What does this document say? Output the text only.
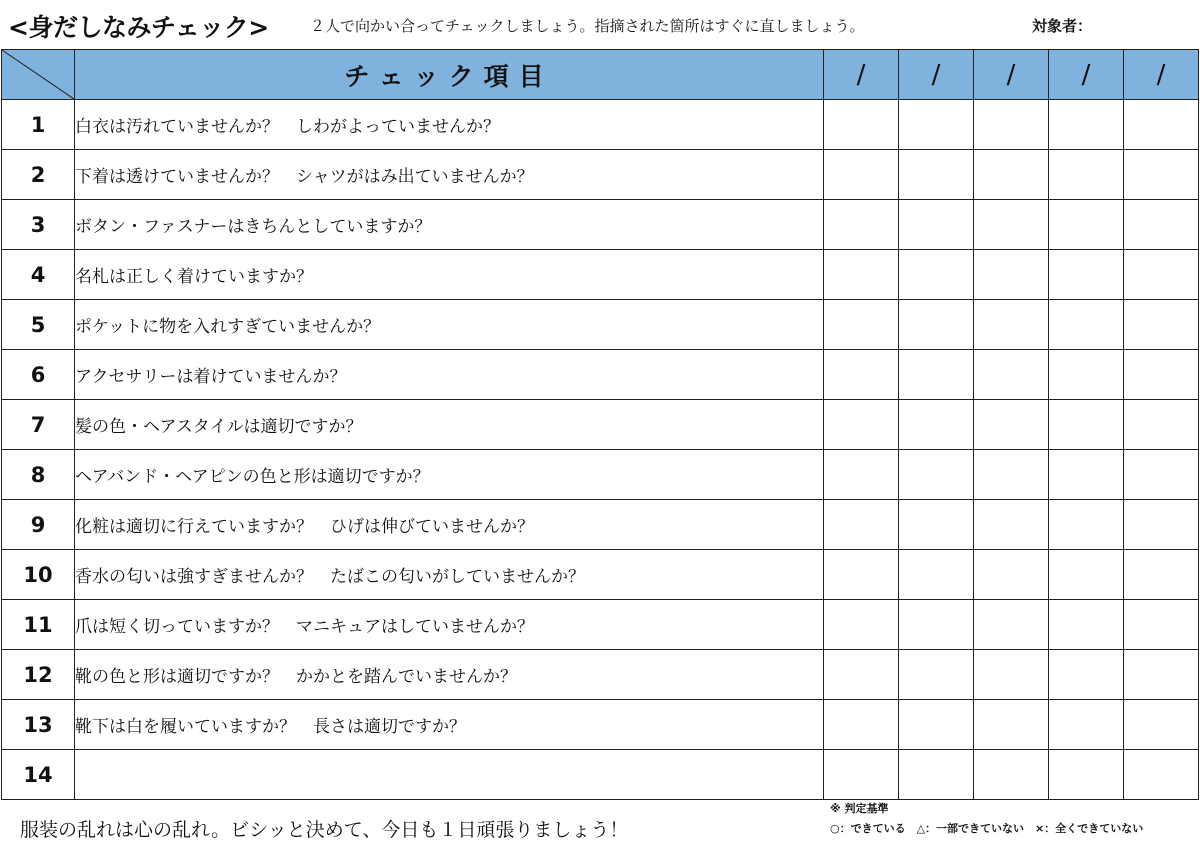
<身だしなみチェック>	２人で向かい合ってチェックしましょう。指摘された箇所はすぐに直しましょう。	対象者：
	チェック項目	/	/	/	/	/
1	白衣は汚れていませんか？　しわがよっていませんか？					
2	下着は透けていませんか？　シャツがはみ出ていませんか？					
3	ボタン・ファスナーはきちんとしていますか？					
4	名札は正しく着けていますか？					
5	ポケットに物を入れすぎていませんか？					
6	アクセサリーは着けていませんか？					
7	髪の色・ヘアスタイルは適切ですか？					
8	ヘアバンド・ヘアピンの色と形は適切ですか？					
9	化粧は適切に行えていますか？　ひげは伸びていませんか？					
10	香水の匂いは強すぎませんか？　たばこの匂いがしていませんか？					
11	爪は短く切っていますか？　マニキュアはしていませんか？					
12	靴の色と形は適切ですか？　かかとを踏んでいませんか？					
13	靴下は白を履いていますか？　長さは適切ですか？					
14						
服装の乱れは心の乱れ。ビシッと決めて、今日も１日頑張りましょう！
※ 判定基準
○：できている　△：一部できていない　×：全くできていない
